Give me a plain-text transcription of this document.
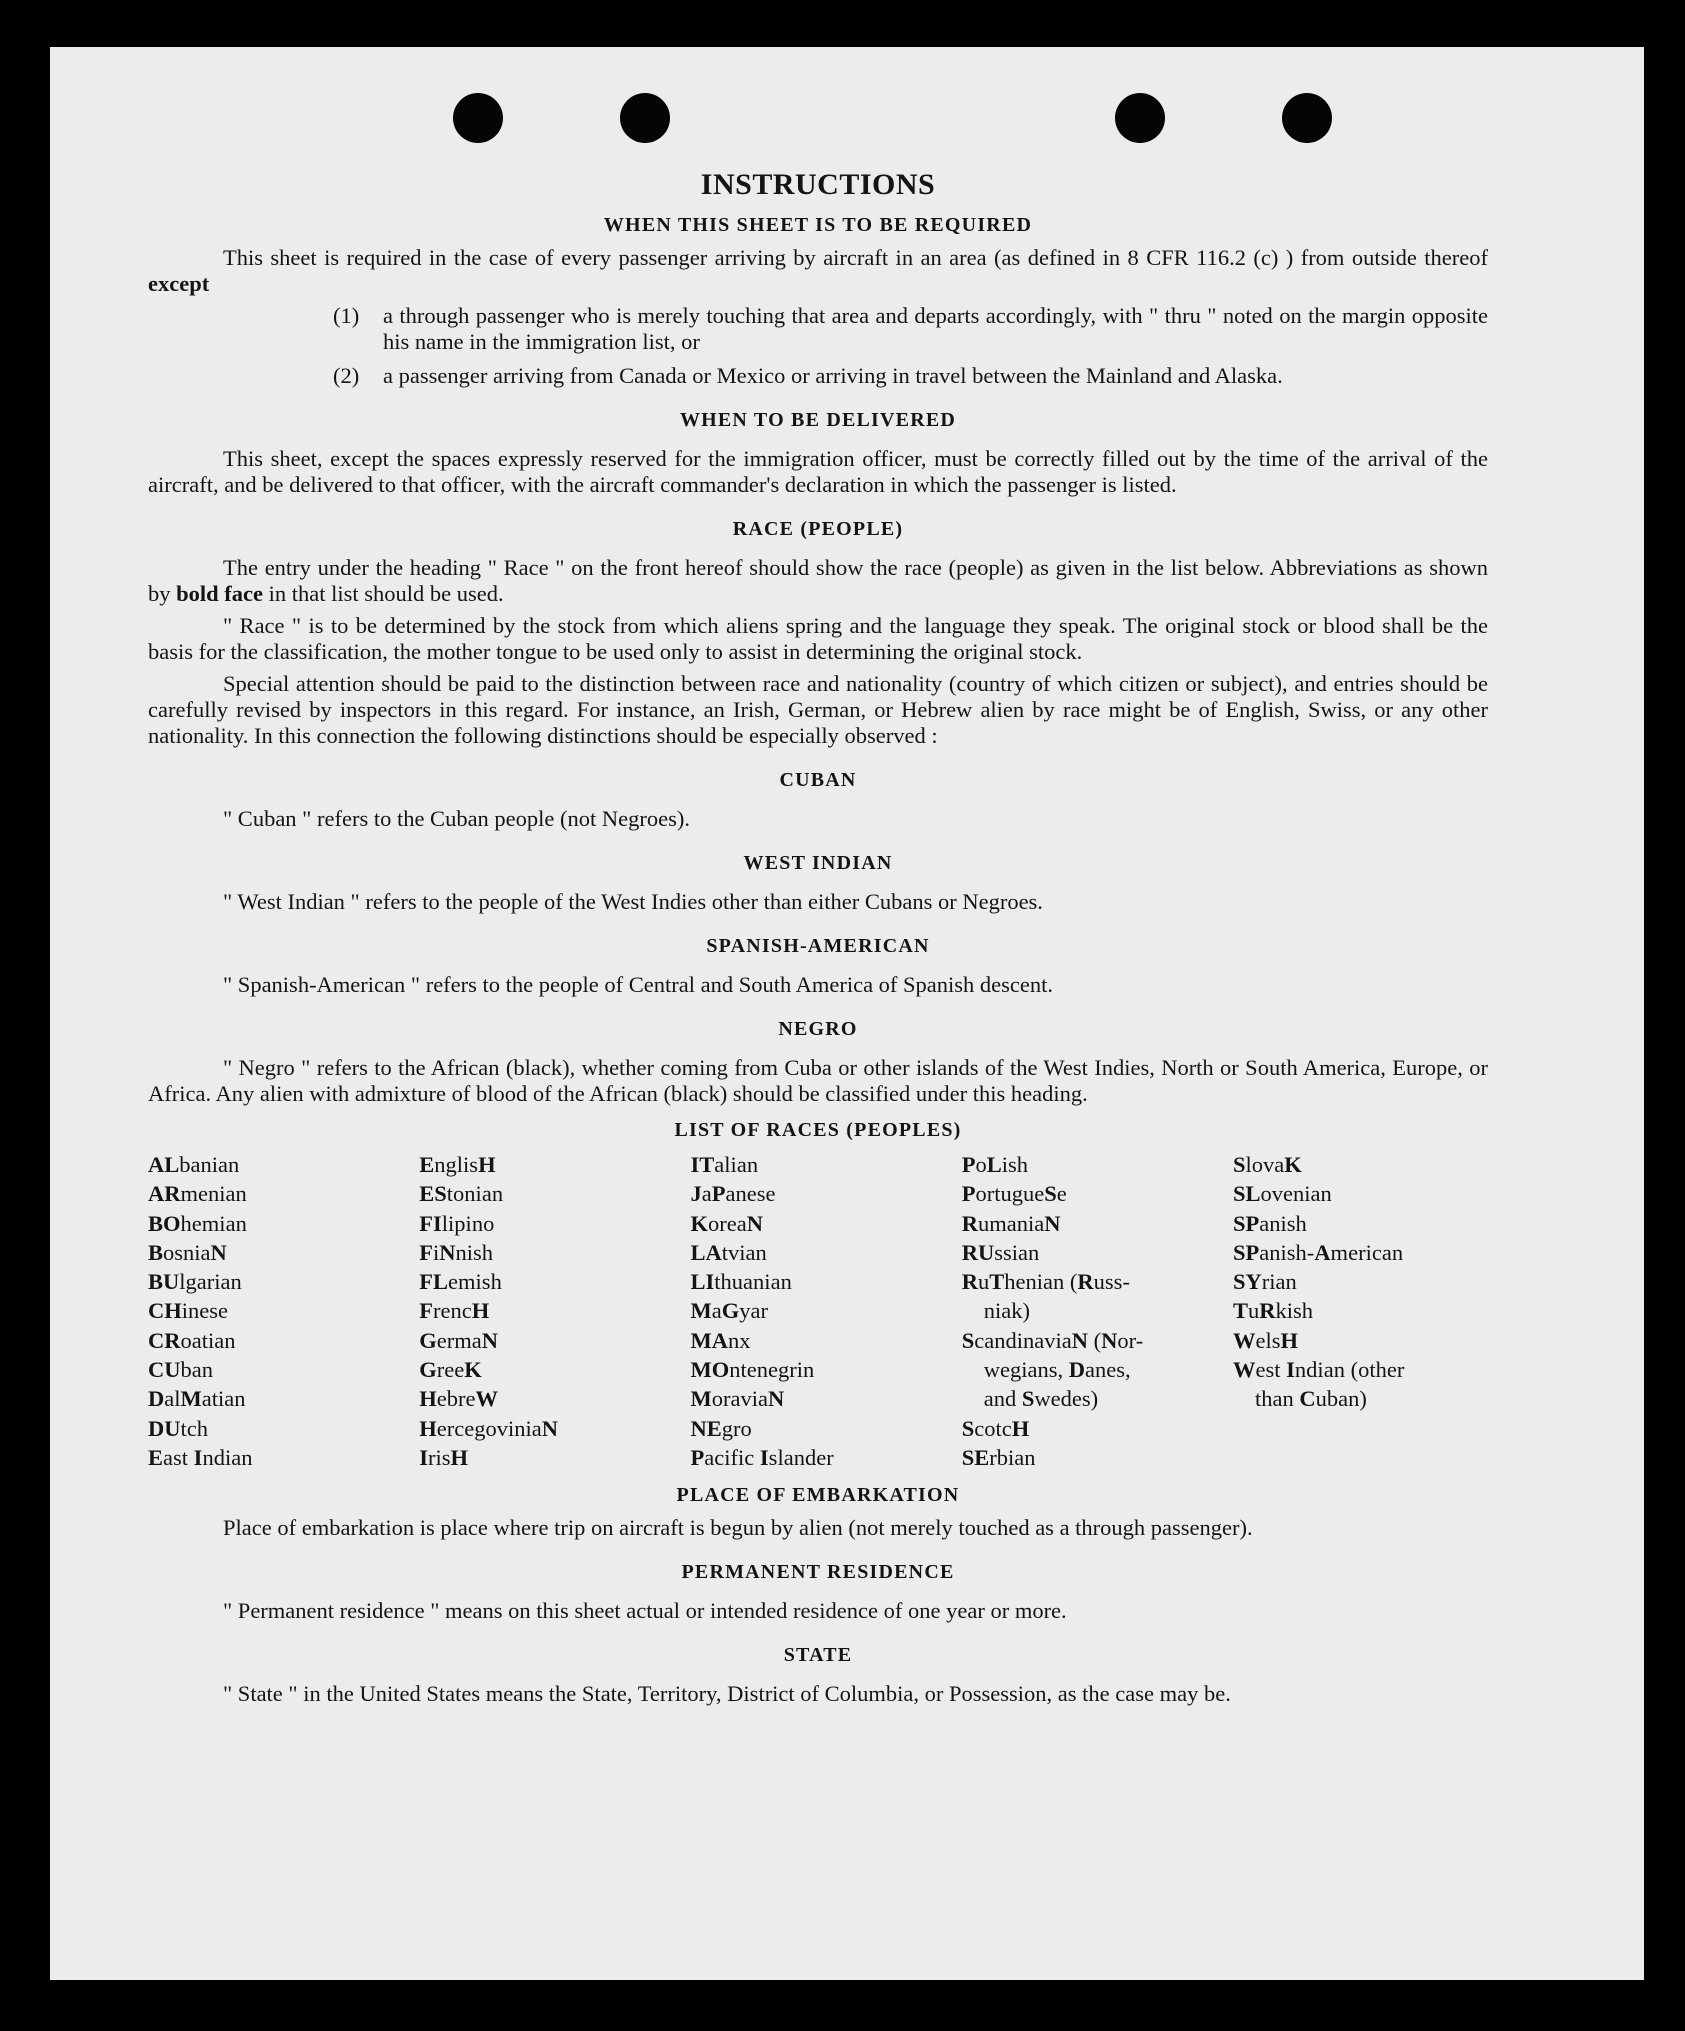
INSTRUCTIONS
WHEN THIS SHEET IS TO BE REQUIRED

This sheet is required in the case of every passenger arriving by aircraft in an area (as defined in 8 CFR 116.2 (c) ) from outside thereof except

(1) a through passenger who is merely touching that area and departs accordingly, with " thru " noted on the margin opposite his name in the immigration list, or

(2) a passenger arriving from Canada or Mexico or arriving in travel between the Mainland and Alaska.

WHEN TO BE DELIVERED

This sheet, except the spaces expressly reserved for the immigration officer, must be correctly filled out by the time of the arrival of the aircraft, and be delivered to that officer, with the aircraft commander's declaration in which the passenger is listed.

RACE (PEOPLE)

The entry under the heading " Race " on the front hereof should show the race (people) as given in the list below. Abbreviations as shown by bold face in that list should be used.

" Race " is to be determined by the stock from which aliens spring and the language they speak. The original stock or blood shall be the basis for the classification, the mother tongue to be used only to assist in determining the original stock.

Special attention should be paid to the distinction between race and nationality (country of which citizen or subject), and entries should be carefully revised by inspectors in this regard. For instance, an Irish, German, or Hebrew alien by race might be of English, Swiss, or any other nationality. In this connection the following distinctions should be especially observed :

CUBAN

" Cuban " refers to the Cuban people (not Negroes).

WEST INDIAN

" West Indian " refers to the people of the West Indies other than either Cubans or Negroes.

SPANISH-AMERICAN

" Spanish-American " refers to the people of Central and South America of Spanish descent.

NEGRO

" Negro " refers to the African (black), whether coming from Cuba or other islands of the West Indies, North or South America, Europe, or Africa. Any alien with admixture of blood of the African (black) should be classified under this heading.

LIST OF RACES (PEOPLES)
ALbanian
ARmenian
BOhemian
BosniaN
BUlgarian
CHinese
CRoatian
CUban
DalMatian
DUtch
East Indian
EnglisH
EStonian
FIlipino
FiNnish
FLemish
FrencH
GermaN
GreeK
HebreW
HercegoviniaN
IrisH
ITalian
JaPanese
KoreaN
LAtvian
LIthuanian
MaGyar
MAnx
MOntenegrin
MoraviaN
NEgro
Pacific Islander
PoLish
PortugueSe
RumaniaN
RUssian
RuThenian (Russ-
niak)
ScandinaviaN (Nor-
wegians, Danes,
and Swedes)
ScotcH
SErbian
SlovaK
SLovenian
SPanish
SPanish-American
SYrian
TuRkish
WelsH
West Indian (other
than Cuban)
PLACE OF EMBARKATION

Place of embarkation is place where trip on aircraft is begun by alien (not merely touched as a through passenger).

PERMANENT RESIDENCE

" Permanent residence " means on this sheet actual or intended residence of one year or more.

STATE

" State " in the United States means the State, Territory, District of Columbia, or Possession, as the case may be.
